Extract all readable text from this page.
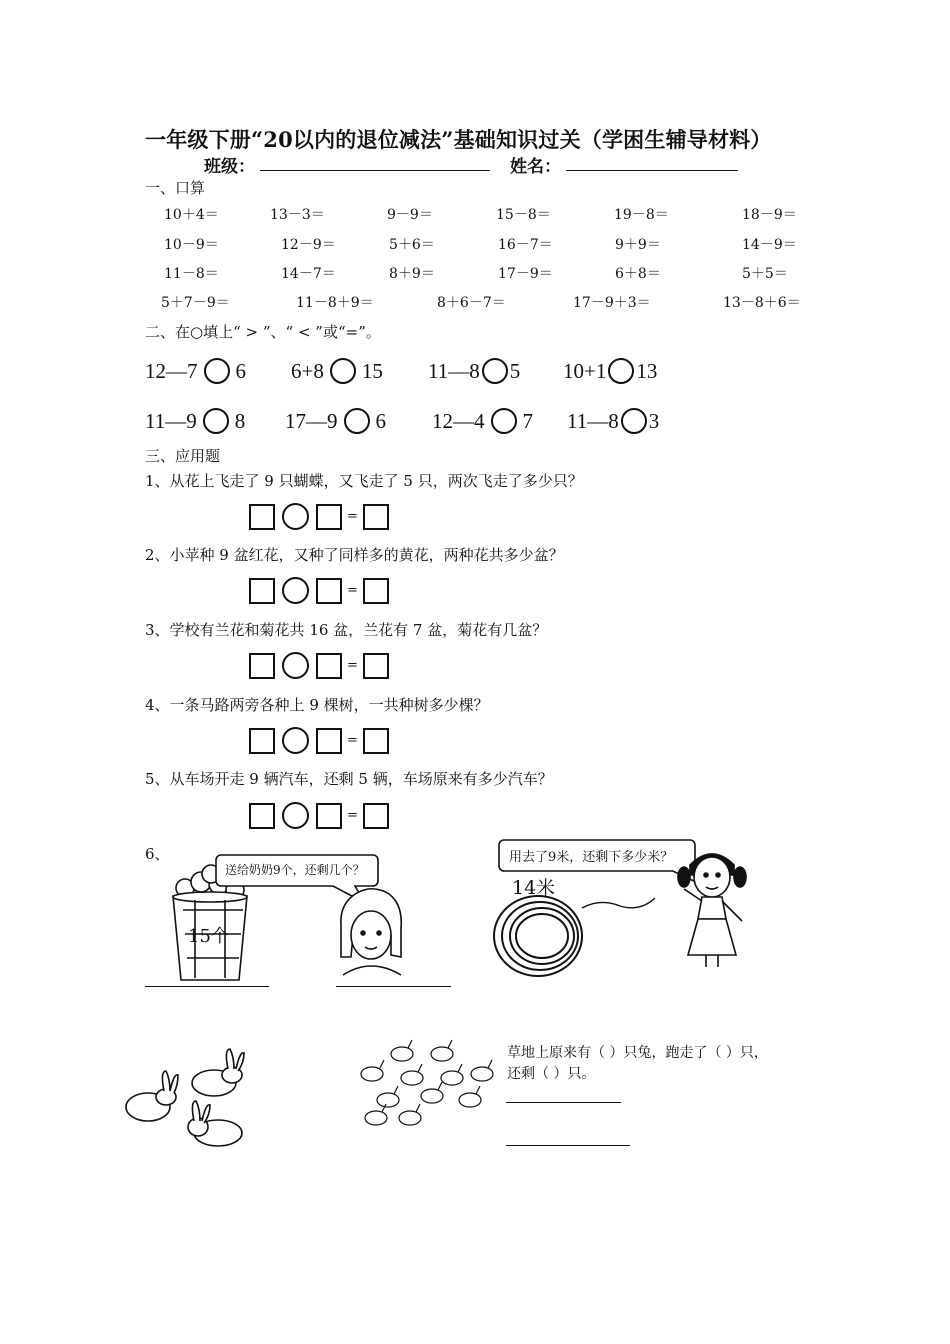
一年级下册“20以内的退位减法”基础知识过关（学困生辅导材料）
班级：	姓名：
一、口算
10＋4＝	13－3＝	9－9＝	15－8＝	19－8＝	18－9＝
10－9＝	12－9＝	5＋6＝	16－7＝	9＋9＝	14－9＝
11－8＝	14－7＝	8＋9＝	17－9＝	6＋8＝	5＋5＝
5＋7－9＝	11－8＋9＝	8＋6－7＝	17－9＋3＝	13－8＋6＝
二、在○填上“ > ”、“ < ”或“=”。
12—7 6 6+8 15 11—8 5 10+1 13
11—9 8 17—9 6 12—4 7 11—8 3
三、应用题
1、从花上飞走了 9 只蝴蝶，又飞走了 5 只，两次飞走了多少只？
=
2、小苹种 9 盆红花，又种了同样多的黄花，两种花共多少盆？
=
3、学校有兰花和菊花共 16 盆，兰花有 7 盆，菊花有几盆？
=
4、一条马路两旁各种上 9 棵树，一共种树多少棵？
=
5、从车场开走 9 辆汽车，还剩 5 辆，车场原来有多少汽车？
=
6、
15个
送给奶奶9个，还剩几个？
用去了9米，还剩下多少米？
14米
草地上原来有（ ）只兔，跑走了（ ）只，还剩（ ）只。
